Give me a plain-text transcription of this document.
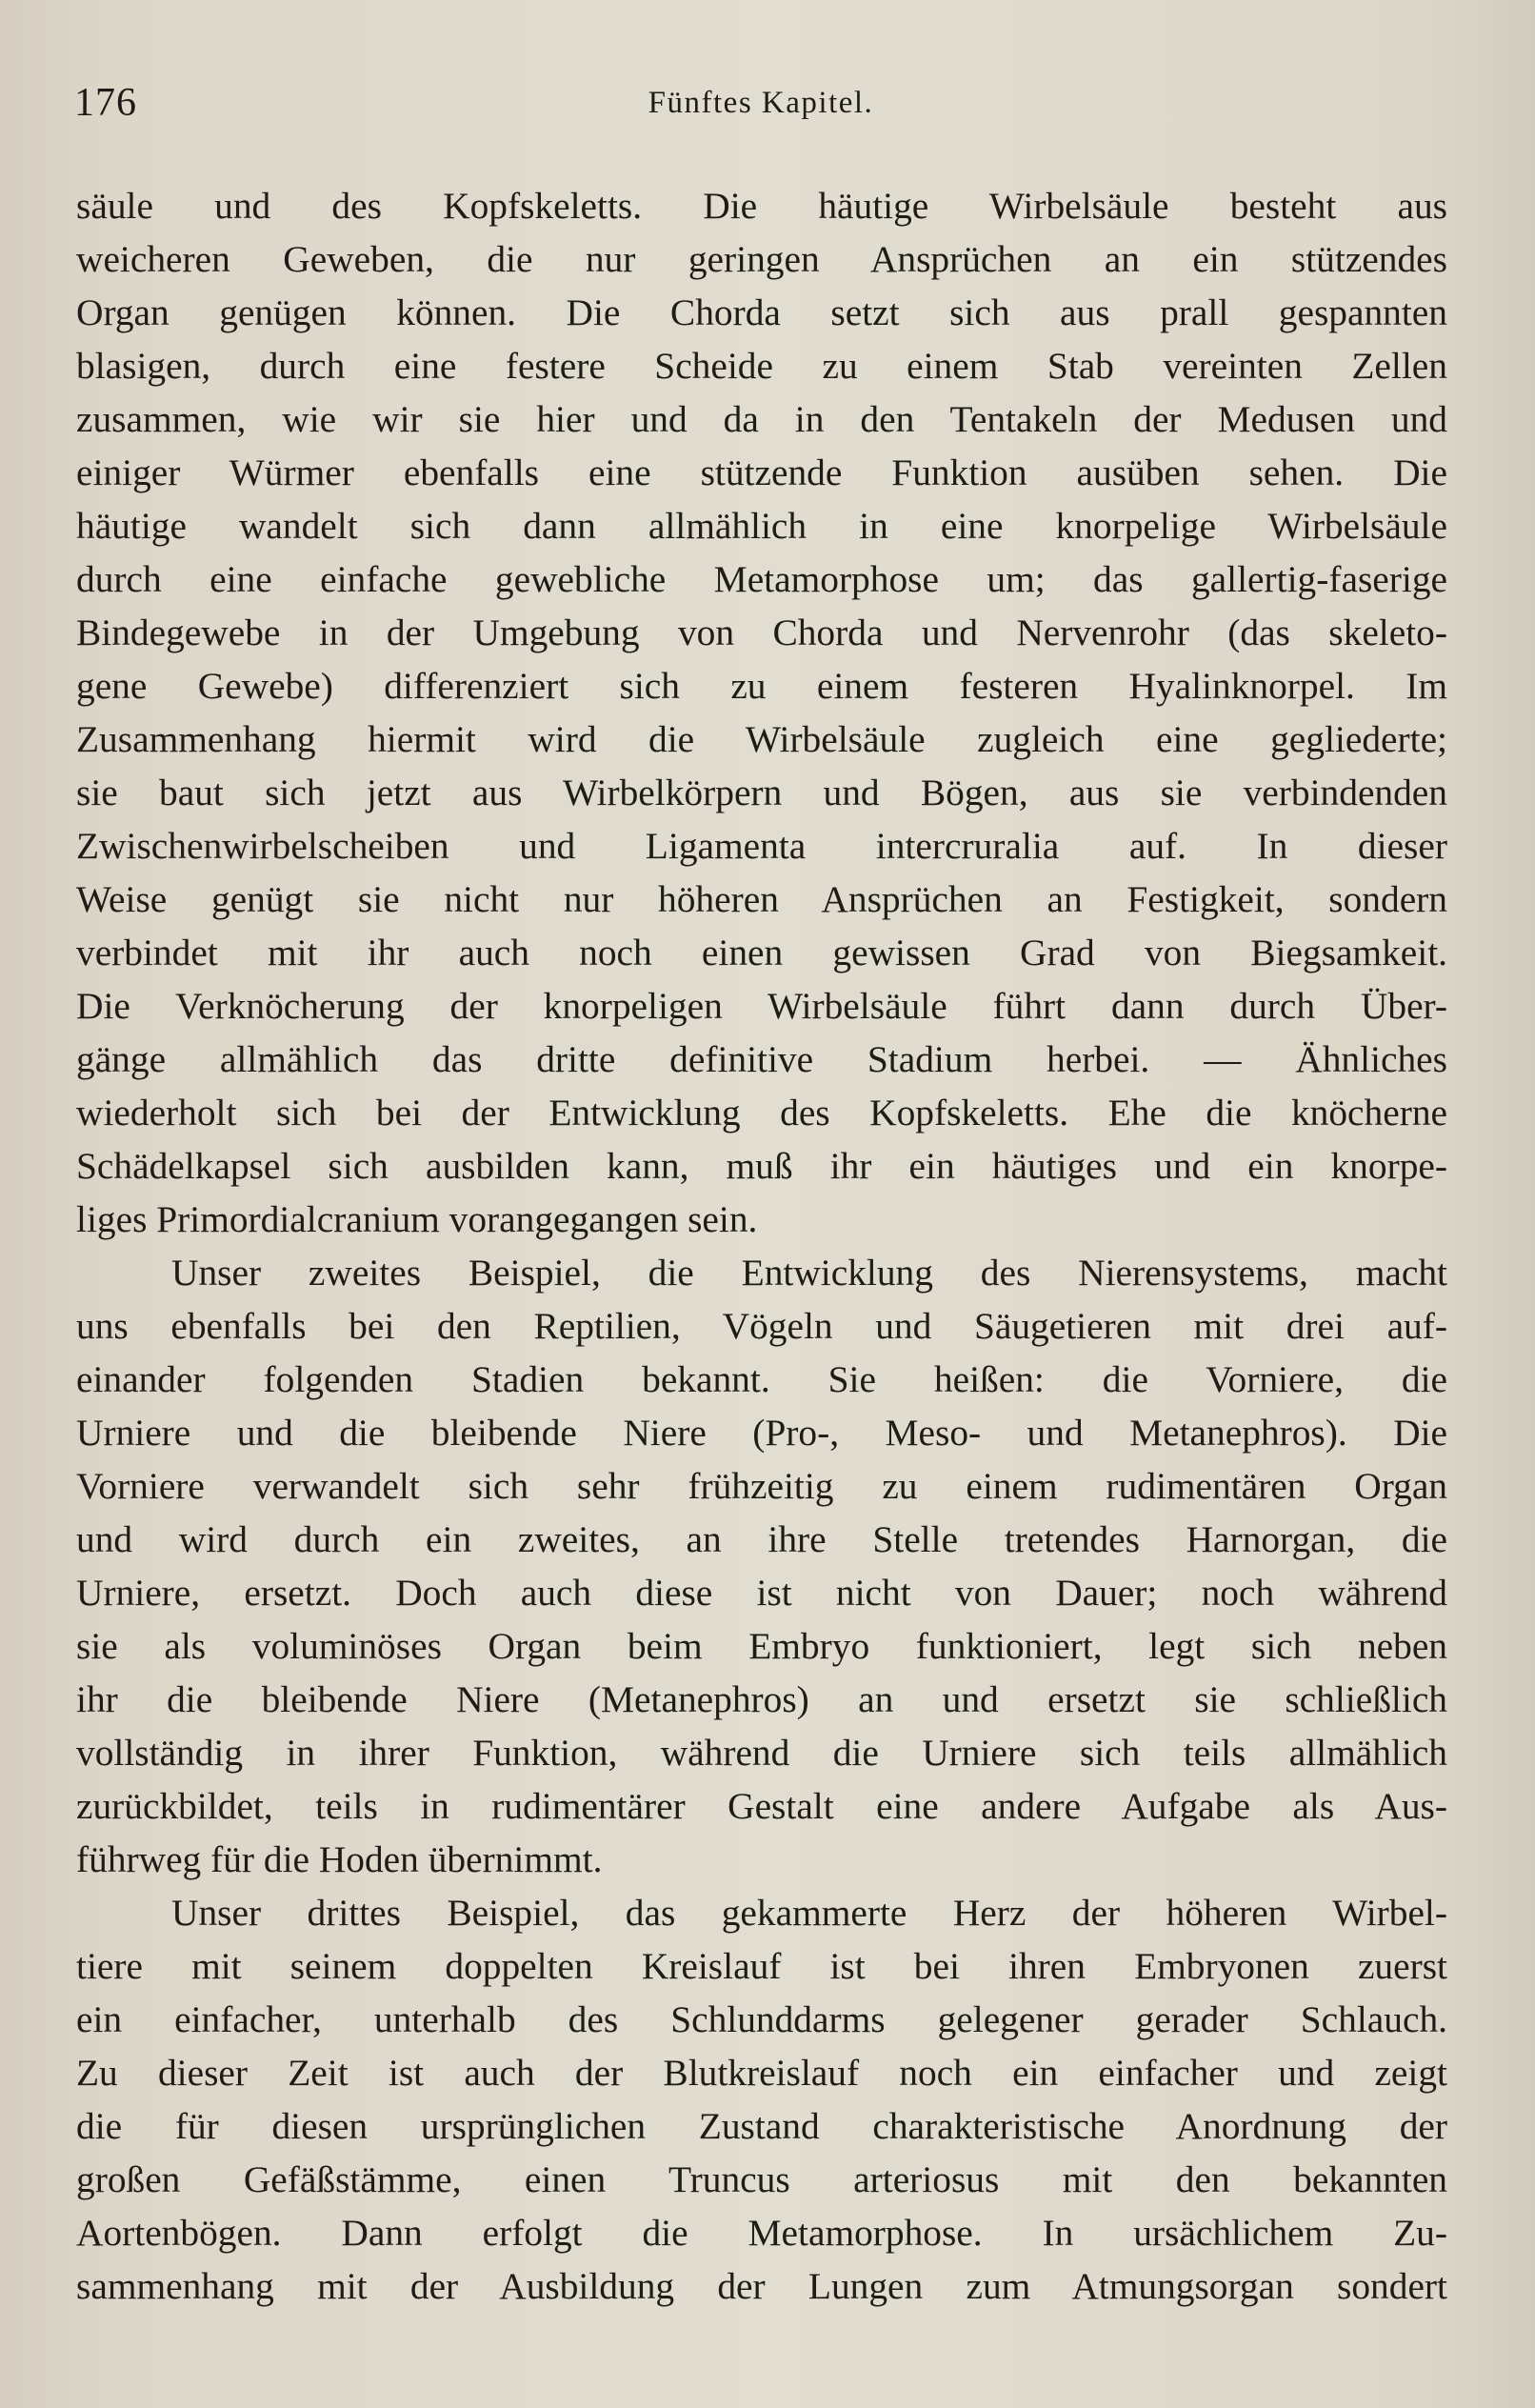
176	Fünftes Kapitel.
säule und des Kopfskeletts. Die häutige Wirbelsäule besteht aus
weicheren Geweben, die nur geringen Ansprüchen an ein stützendes
Organ genügen können. Die Chorda setzt sich aus prall gespannten
blasigen, durch eine festere Scheide zu einem Stab vereinten Zellen
zusammen, wie wir sie hier und da in den Tentakeln der Medusen und
einiger Würmer ebenfalls eine stützende Funktion ausüben sehen. Die
häutige wandelt sich dann allmählich in eine knorpelige Wirbelsäule
durch eine einfache gewebliche Metamorphose um; das gallertig-faserige
Bindegewebe in der Umgebung von Chorda und Nervenrohr (das skeleto-
gene Gewebe) differenziert sich zu einem festeren Hyalinknorpel. Im
Zusammenhang hiermit wird die Wirbelsäule zugleich eine gegliederte;
sie baut sich jetzt aus Wirbelkörpern und Bögen, aus sie verbindenden
Zwischenwirbelscheiben und Ligamenta intercruralia auf. In dieser
Weise genügt sie nicht nur höheren Ansprüchen an Festigkeit, sondern
verbindet mit ihr auch noch einen gewissen Grad von Biegsamkeit.
Die Verknöcherung der knorpeligen Wirbelsäule führt dann durch Über-
gänge allmählich das dritte definitive Stadium herbei. — Ähnliches
wiederholt sich bei der Entwicklung des Kopfskeletts. Ehe die knöcherne
Schädelkapsel sich ausbilden kann, muß ihr ein häutiges und ein knorpe-
liges Primordialcranium vorangegangen sein.
Unser zweites Beispiel, die Entwicklung des Nierensystems, macht
uns ebenfalls bei den Reptilien, Vögeln und Säugetieren mit drei auf-
einander folgenden Stadien bekannt. Sie heißen: die Vorniere, die
Urniere und die bleibende Niere (Pro-, Meso- und Metanephros). Die
Vorniere verwandelt sich sehr frühzeitig zu einem rudimentären Organ
und wird durch ein zweites, an ihre Stelle tretendes Harnorgan, die
Urniere, ersetzt. Doch auch diese ist nicht von Dauer; noch während
sie als voluminöses Organ beim Embryo funktioniert, legt sich neben
ihr die bleibende Niere (Metanephros) an und ersetzt sie schließlich
vollständig in ihrer Funktion, während die Urniere sich teils allmählich
zurückbildet, teils in rudimentärer Gestalt eine andere Aufgabe als Aus-
führweg für die Hoden übernimmt.
Unser drittes Beispiel, das gekammerte Herz der höheren Wirbel-
tiere mit seinem doppelten Kreislauf ist bei ihren Embryonen zuerst
ein einfacher, unterhalb des Schlunddarms gelegener gerader Schlauch.
Zu dieser Zeit ist auch der Blutkreislauf noch ein einfacher und zeigt
die für diesen ursprünglichen Zustand charakteristische Anordnung der
großen Gefäßstämme, einen Truncus arteriosus mit den bekannten
Aortenbögen. Dann erfolgt die Metamorphose. In ursächlichem Zu-
sammenhang mit der Ausbildung der Lungen zum Atmungsorgan sondert
